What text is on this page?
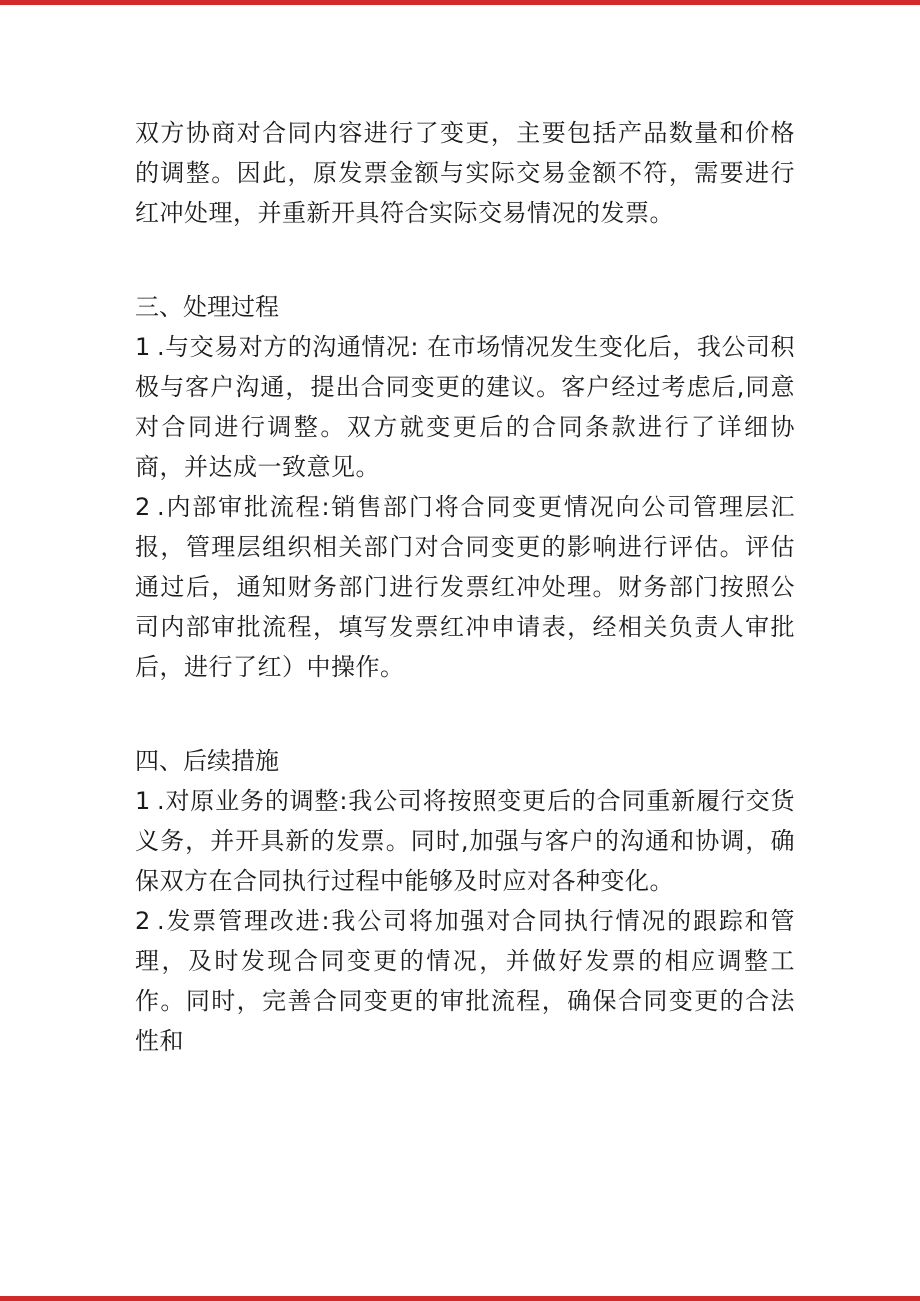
双方协商对合同内容进行了变更，主要包括产品数量和价格的调整。因此，原发票金额与实际交易金额不符，需要进行红冲处理，并重新开具符合实际交易情况的发票。

三、处理过程

1 .与交易对方的沟通情况: 在市场情况发生变化后，我公司积极与客户沟通，提出合同变更的建议。客户经过考虑后,同意对合同进行调整。双方就变更后的合同条款进行了详细协商，并达成一致意见。

2 .内部审批流程:销售部门将合同变更情况向公司管理层汇报，管理层组织相关部门对合同变更的影响进行评估。评估通过后，通知财务部门进行发票红冲处理。财务部门按照公司内部审批流程，填写发票红冲申请表，经相关负责人审批后，进行了红）中操作。

四、后续措施

1 .对原业务的调整:我公司将按照变更后的合同重新履行交货义务，并开具新的发票。同时,加强与客户的沟通和协调，确保双方在合同执行过程中能够及时应对各种变化。

2 .发票管理改进:我公司将加强对合同执行情况的跟踪和管理，及时发现合同变更的情况，并做好发票的相应调整工作。同时，完善合同变更的审批流程，确保合同变更的合法性和
